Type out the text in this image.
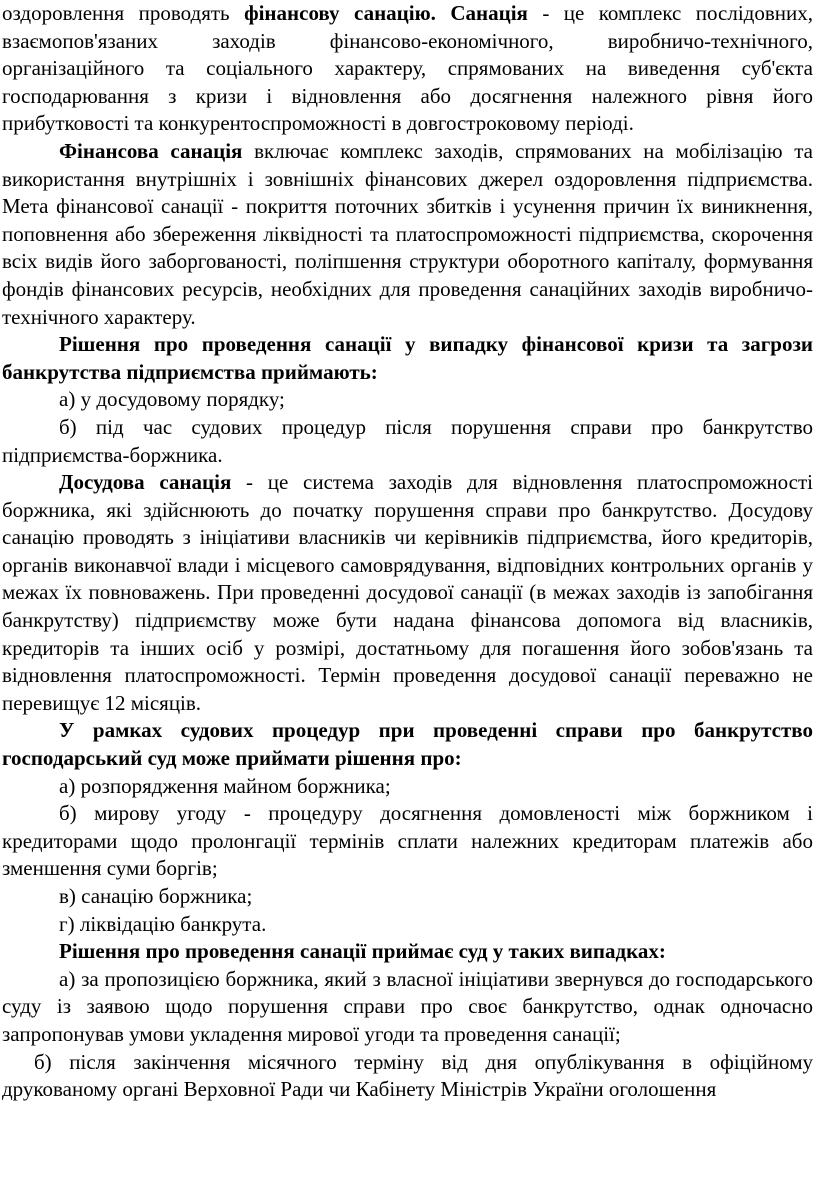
оздоровлення проводять фінансову санацію. Санація - це комплекс послідовних, взаємопов'язаних заходів фінансово-економічного, виробничо-технічного, організаційного та соціального характеру, спрямованих на виведення суб'єкта господарювання з кризи і відновлення або досягнення належного рівня його прибутковості та конкурентоспроможності в довгостроковому періоді.

Фінансова санація включає комплекс заходів, спрямованих на мобілізацію та використання внутрішніх і зовнішніх фінансових джерел оздоровлення підприємства. Мета фінансової санації - покриття поточних збитків і усунення причин їх виникнення, поповнення або збереження ліквідності та платоспроможності підприємства, скорочення всіх видів його заборгованості, поліпшення структури оборотного капіталу, формування фондів фінансових ресурсів, необхідних для проведення санаційних заходів виробничо-технічного характеру.

Рішення про проведення санації у випадку фінансової кризи та загрози банкрутства підприємства приймають:

а) у досудовому порядку;

б) під час судових процедур після порушення справи про банкрутство підприємства-боржника.

Досудова санація - це система заходів для відновлення платоспроможності боржника, які здійснюють до початку порушення справи про банкрутство. Досудову санацію проводять з ініціативи власників чи керівників підприємства, його кредиторів, органів виконавчої влади і місцевого самоврядування, відповідних контрольних органів у межах їх повноважень. При проведенні досудової санації (в межах заходів із запобігання банкрутству) підприємству може бути надана фінансова допомога від власників, кредиторів та інших осіб у розмірі, достатньому для погашення його зобов'язань та відновлення платоспроможності. Термін проведення досудової санації переважно не перевищує 12 місяців.

У рамках судових процедур при проведенні справи про банкрутство господарський суд може приймати рішення про:

а) розпорядження майном боржника;

б) мирову угоду - процедуру досягнення домовленості між боржником і кредиторами щодо пролонгації термінів сплати належних кредиторам платежів або зменшення суми боргів;

в) санацію боржника;

г) ліквідацію банкрута.

Рішення про проведення санації приймає суд у таких випадках:

а) за пропозицією боржника, який з власної ініціативи звернувся до господарського суду із заявою щодо порушення справи про своє банкрутство, однак одночасно запропонував умови укладення мирової угоди та проведення санації;

б) після закінчення місячного терміну від дня опублікування в офіційному друкованому органі Верховної Ради чи Кабінету Міністрів України оголошення
